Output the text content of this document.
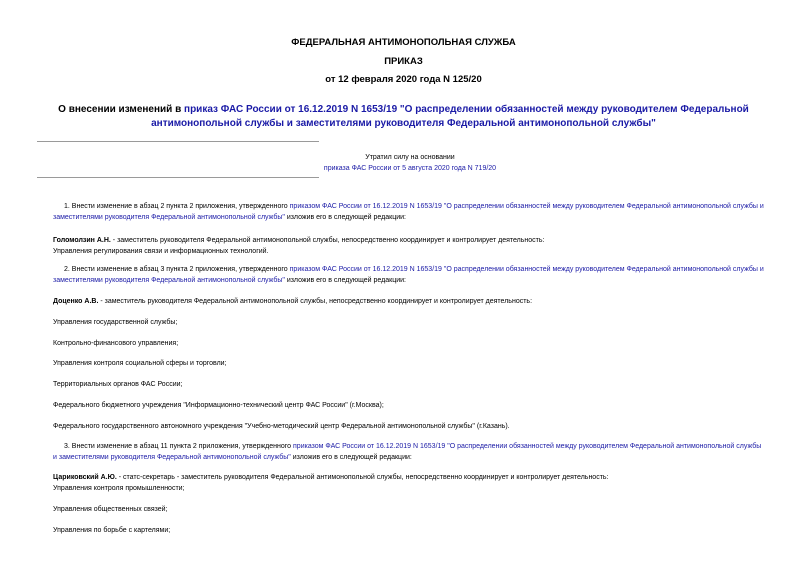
ФЕДЕРАЛЬНАЯ АНТИМОНОПОЛЬНАЯ СЛУЖБА
ПРИКАЗ
от 12 февраля 2020 года N 125/20
О внесении изменений в приказ ФАС России от 16.12.2019 N 1653/19 "О распределении обязанностей между руководителем Федеральной антимонопольной службы и заместителями руководителя Федеральной антимонопольной службы"
Утратил силу на основании
приказа ФАС России от 5 августа 2020 года N 719/20
1. Внести изменение в абзац 2 пункта 2 приложения, утвержденного приказом ФАС России от 16.12.2019 N 1653/19 "О распределении обязанностей между руководителем Федеральной антимонопольной службы и
заместителями руководителя Федеральной антимонопольной службы" изложив его в следующей редакции:
Голомолзин А.Н. - заместитель руководителя Федеральной антимонопольной службы, непосредственно координирует и контролирует деятельность:
Управления регулирования связи и информационных технологий.
2. Внести изменение в абзац 3 пункта 2 приложения, утвержденного приказом ФАС России от 16.12.2019 N 1653/19 "О распределении обязанностей между руководителем Федеральной антимонопольной службы и
заместителями руководителя Федеральной антимонопольной службы" изложив его в следующей редакции:
Доценко А.В. - заместитель руководителя Федеральной антимонопольной службы, непосредственно координирует и контролирует деятельность:
Управления государственной службы;
Контрольно-финансового управления;
Управления контроля социальной сферы и торговли;
Территориальных органов ФАС России;
Федерального бюджетного учреждения "Информационно-технический центр ФАС России" (г.Москва);
Федерального государственного автономного учреждения "Учебно-методический центр Федеральной антимонопольной службы" (г.Казань).
3. Внести изменение в абзац 11 пункта 2 приложения, утвержденного приказом ФАС России от 16.12.2019 N 1653/19 "О распределении обязанностей между руководителем Федеральной антимонопольной службы
и заместителями руководителя Федеральной антимонопольной службы" изложив его в следующей редакции:
Цариковский А.Ю. - статс-секретарь - заместитель руководителя Федеральной антимонопольной службы, непосредственно координирует и контролирует деятельность:
Управления контроля промышленности;
Управления общественных связей;
Управления по борьбе с картелями;
